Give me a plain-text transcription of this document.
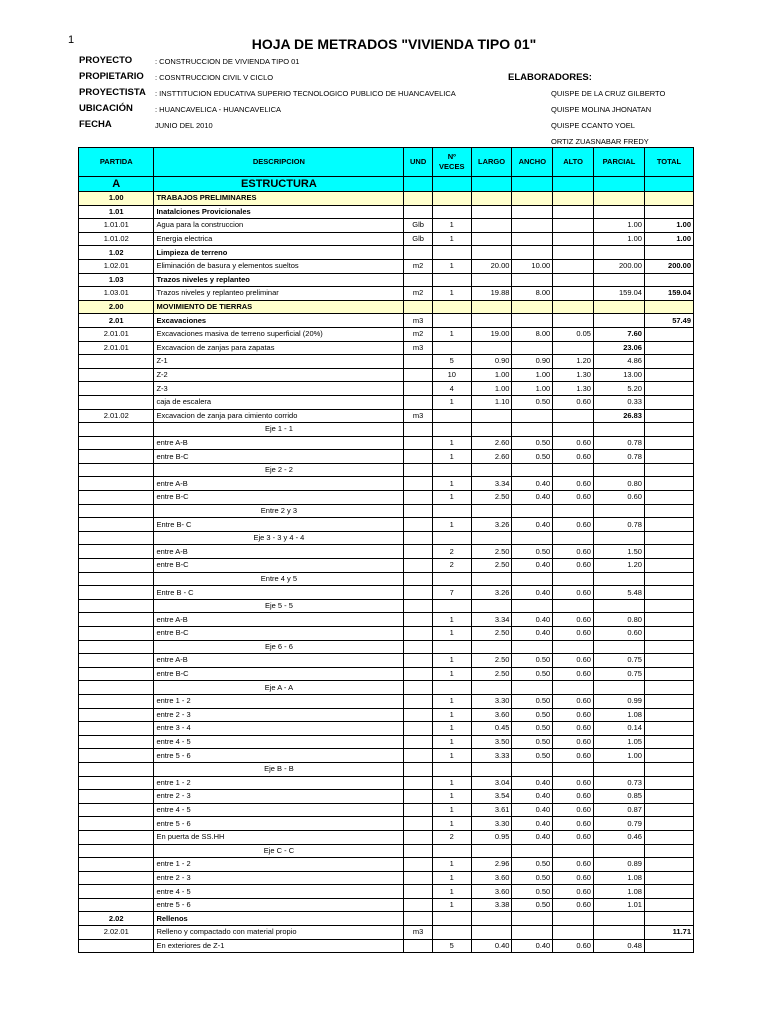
1	HOJA DE METRADOS "VIVIENDA TIPO 01"
PROYECTO	: CONSTRUCCION DE VIVIENDA TIPO 01
PROPIETARIO : COSNTRUCCION CIVIL V CICLO
PROYECTISTA : INSTTITUCION EDUCATIVA SUPERIO TECNOLOGICO PUBLICO DE HUANCAVELICA
UBICACIÓN	: HUANCAVELICA - HUANCAVELICA
FECHA	JUNIO DEL 2010
ELABORADORES:
QUISPE DE LA CRUZ GILBERTO
QUISPE MOLINA JHONATAN
QUISPE CCANTO YOEL
ORTIZ ZUASNABAR FREDY
PARTIDA	DESCRIPCION	UND	Nº VECES	LARGO	ANCHO	ALTO	PARCIAL	TOTAL
A	ESTRUCTURA							
1.00	TRABAJOS PRELIMINARES							
1.01	Inatalciones Provicionales							
1.01.01	Agua para la construccion	Glb	1				1.00	1.00
1.01.02	Energia electrica	Glb	1				1.00	1.00
1.02	Limpieza de terreno							
1.02.01	Eliminación de basura y elementos sueltos	m2	1	20.00	10.00		200.00	200.00
1.03	Trazos niveles y replanteo							
1.03.01	Trazos niveles y replanteo preliminar	m2	1	19.88	8.00		159.04	159.04
2.00	MOVIMIENTO DE TIERRAS							
2.01	Excavaciones	m3						57.49
2.01.01	Excavaciones masiva de terreno superficial (20%)	m2	1	19.00	8.00	0.05	7.60	
2.01.01	Excavacion de zanjas para zapatas	m3					23.06	
	Z-1		5	0.90	0.90	1.20	4.86	
	Z-2		10	1.00	1.00	1.30	13.00	
	Z-3		4	1.00	1.00	1.30	5.20	
	caja de escalera		1	1.10	0.50	0.60	0.33	
2.01.02	Excavacion de zanja para cimiento corrido	m3					26.83	
	Eje 1 - 1							
	entre A-B		1	2.60	0.50	0.60	0.78	
	entre B-C		1	2.60	0.50	0.60	0.78	
	Eje 2 - 2							
	entre A-B		1	3.34	0.40	0.60	0.80	
	entre B-C		1	2.50	0.40	0.60	0.60	
	Entre 2 y 3							
	Entre B- C		1	3.26	0.40	0.60	0.78	
	Eje 3 - 3 y 4 - 4							
	entre A-B		2	2.50	0.50	0.60	1.50	
	entre B-C		2	2.50	0.40	0.60	1.20	
	Entre 4 y 5							
	Entre B - C		7	3.26	0.40	0.60	5.48	
	Eje 5 - 5							
	entre A-B		1	3.34	0.40	0.60	0.80	
	entre B-C		1	2.50	0.40	0.60	0.60	
	Eje 6 - 6							
	entre A-B		1	2.50	0.50	0.60	0.75	
	entre B-C		1	2.50	0.50	0.60	0.75	
	Eje A - A							
	entre 1 - 2		1	3.30	0.50	0.60	0.99	
	entre 2 - 3		1	3.60	0.50	0.60	1.08	
	entre 3 - 4		1	0.45	0.50	0.60	0.14	
	entre 4 - 5		1	3.50	0.50	0.60	1.05	
	entre 5 - 6		1	3.33	0.50	0.60	1.00	
	Eje B - B							
	entre 1 - 2		1	3.04	0.40	0.60	0.73	
	entre 2 - 3		1	3.54	0.40	0.60	0.85	
	entre 4 - 5		1	3.61	0.40	0.60	0.87	
	entre 5 - 6		1	3.30	0.40	0.60	0.79	
	En puerta de SS.HH		2	0.95	0.40	0.60	0.46	
	Eje C - C							
	entre 1 - 2		1	2.96	0.50	0.60	0.89	
	entre 2 - 3		1	3.60	0.50	0.60	1.08	
	entre 4 - 5		1	3.60	0.50	0.60	1.08	
	entre 5 - 6		1	3.38	0.50	0.60	1.01	
2.02	Rellenos							
2.02.01	Relleno y compactado con material propio	m3						11.71
	En exteriores de Z-1		5	0.40	0.40	0.60	0.48	
